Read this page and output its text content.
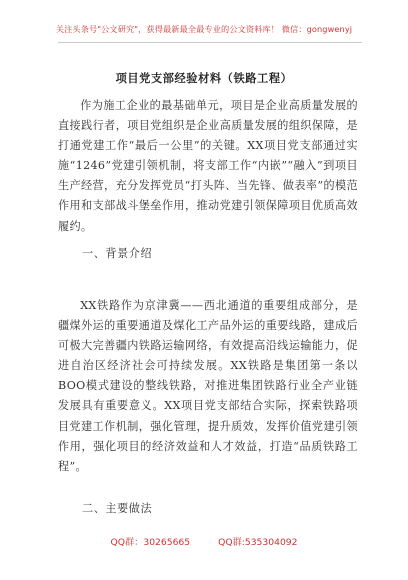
关注头条号"公文研究"，获得最新最全最专业的公文资料库！ 微信：gongwenyj
项目党支部经验材料（铁路工程）

作为施工企业的最基础单元，项目是企业高质量发展的直接践行者，项目党组织是企业高质量发展的组织保障，是打通党建工作“最后一公里”的关键。XX项目党支部通过实施“1246”党建引领机制，将支部工作“内嵌”“融入”到项目生产经营，充分发挥党员“打头阵、当先锋、做表率”的模范作用和支部战斗堡垒作用，推动党建引领保障项目优质高效履约。

一、背景介绍

XX铁路作为京津冀——西北通道的重要组成部分，是疆煤外运的重要通道及煤化工产品外运的重要线路，建成后可极大完善疆内铁路运输网络，有效提高沿线运输能力，促进自治区经济社会可持续发展。XX铁路是集团第一条以BOO模式建设的整线铁路，对推进集团铁路行业全产业链发展具有重要意义。XX项目党支部结合实际，探索铁路项目党建工作机制，强化管理，提升质效，发挥价值党建引领作用，强化项目的经济效益和人才效益，打造“品质铁路工程”。

二、主要做法
QQ群：30265665	QQ群:535304092
